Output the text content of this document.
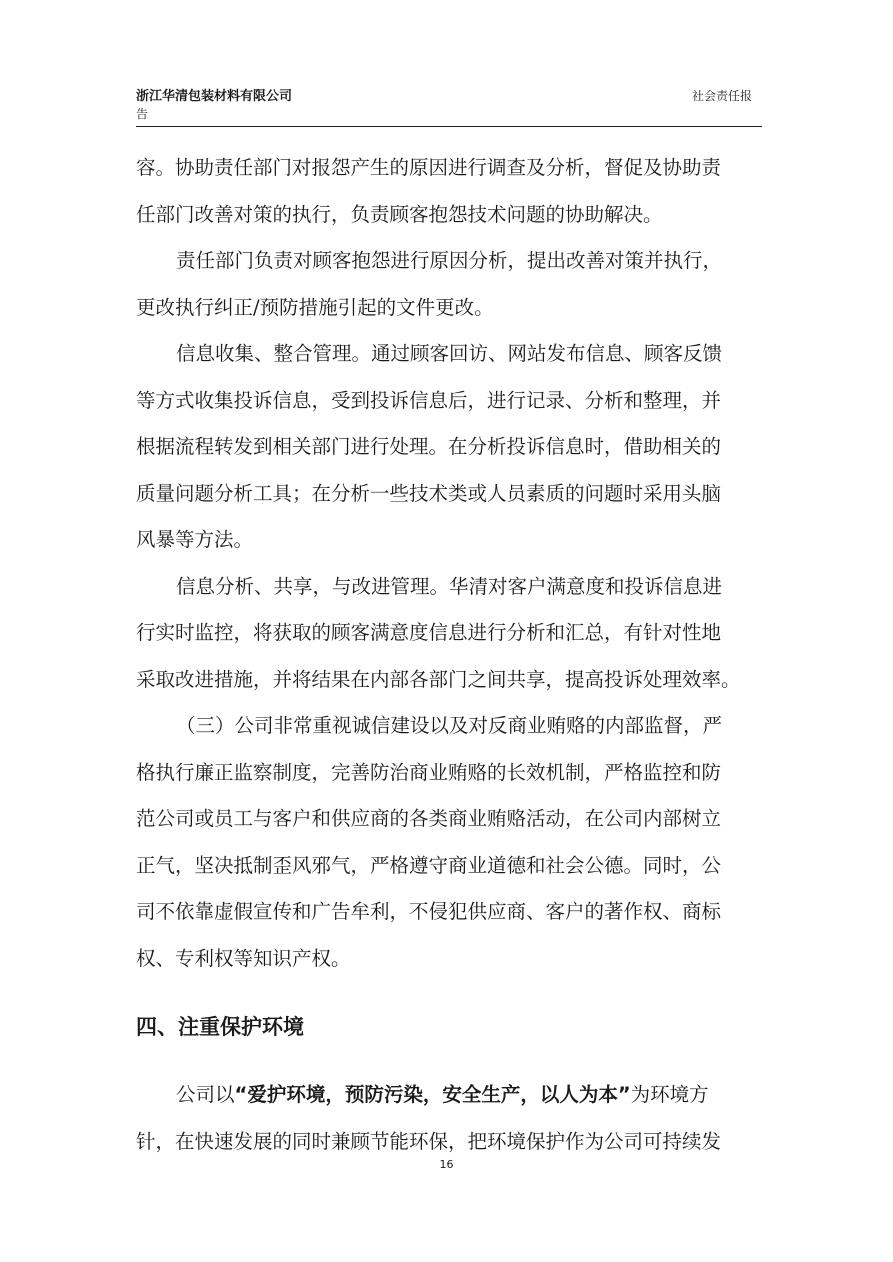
浙江华清包装材料有限公司	社会责任报
告

容。协助责任部门对报怨产生的原因进行调查及分析，督促及协助责
任部门改善对策的执行，负责顾客抱怨技术问题的协助解决。

责任部门负责对顾客抱怨进行原因分析，提出改善对策并执行，
更改执行纠正/预防措施引起的文件更改。

信息收集、整合管理。通过顾客回访、网站发布信息、顾客反馈
等方式收集投诉信息，受到投诉信息后，进行记录、分析和整理，并
根据流程转发到相关部门进行处理。在分析投诉信息时，借助相关的
质量问题分析工具；在分析一些技术类或人员素质的问题时采用头脑
风暴等方法。

信息分析、共享，与改进管理。华清对客户满意度和投诉信息进
行实时监控，将获取的顾客满意度信息进行分析和汇总，有针对性地
采取改进措施，并将结果在内部各部门之间共享，提高投诉处理效率。

（三）公司非常重视诚信建设以及对反商业贿赂的内部监督，严
格执行廉正监察制度，完善防治商业贿赂的长效机制，严格监控和防
范公司或员工与客户和供应商的各类商业贿赂活动，在公司内部树立
正气，坚决抵制歪风邪气，严格遵守商业道德和社会公德。同时，公
司不依靠虚假宣传和广告牟利，不侵犯供应商、客户的著作权、商标
权、专利权等知识产权。

四、注重保护环境

公司以“爱护环境，预防污染，安全生产，以人为本”为环境方
针，在快速发展的同时兼顾节能环保，把环境保护作为公司可持续发

16
